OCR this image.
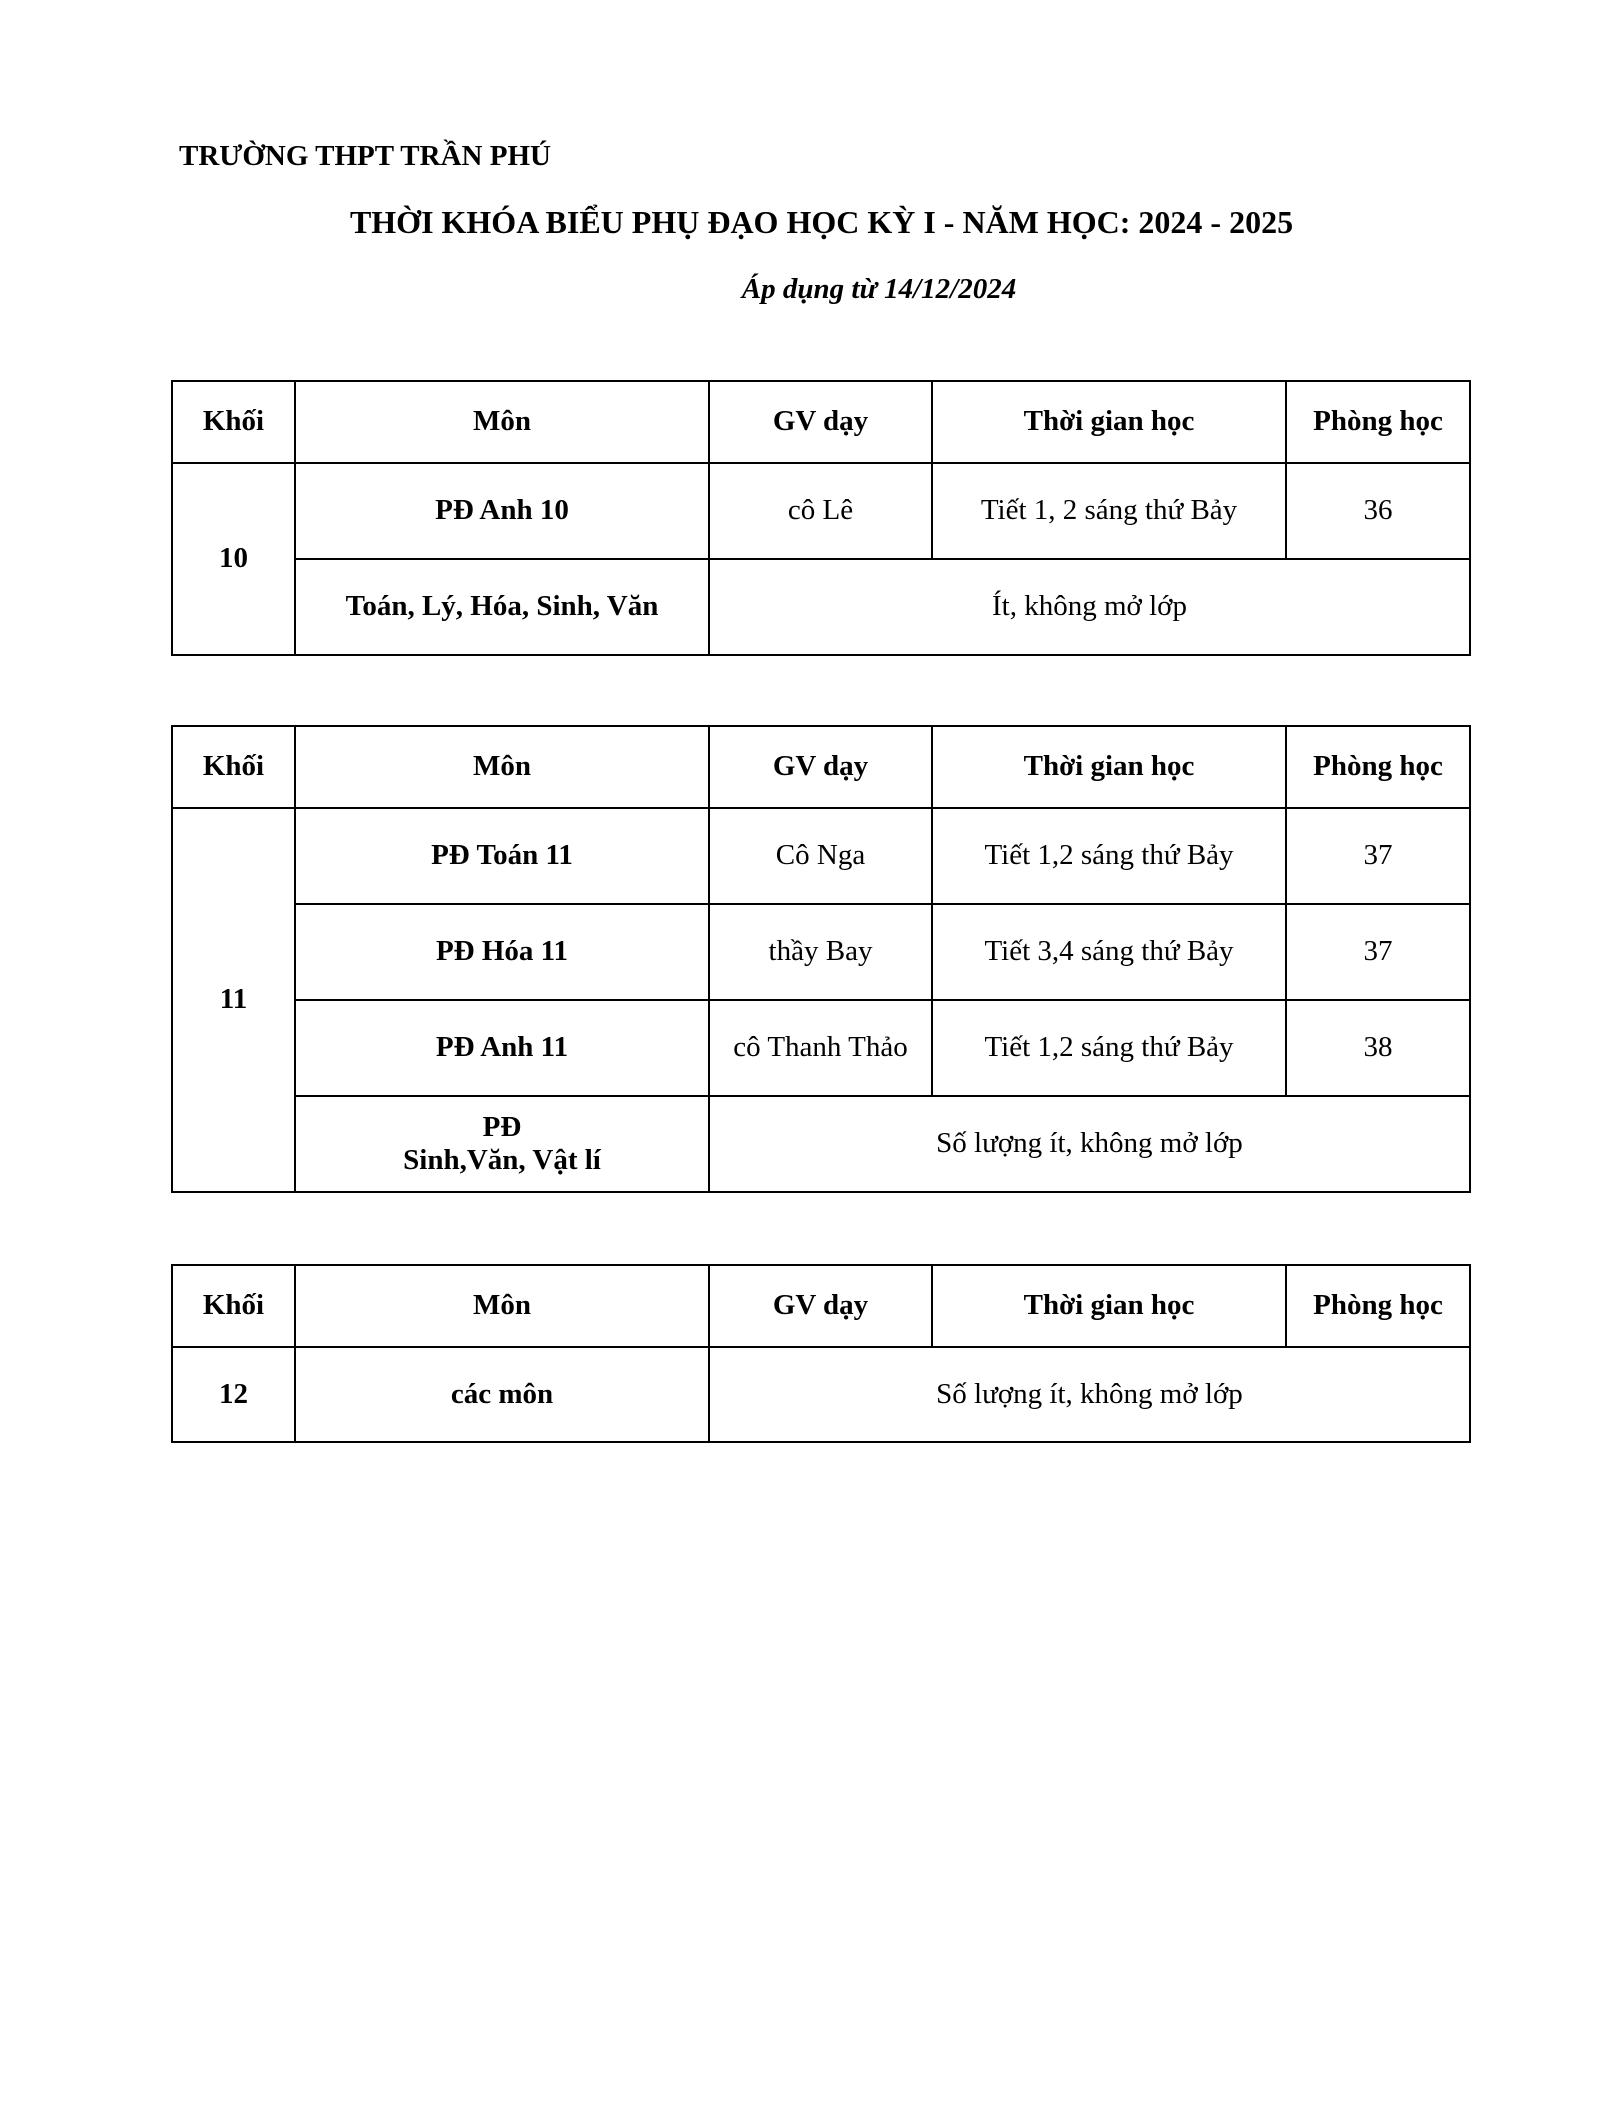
TRƯỜNG THPT TRẦN PHÚ
THỜI KHÓA BIỂU PHỤ ĐẠO HỌC KỲ I - NĂM HỌC: 2024 - 2025
Áp dụng từ 14/12/2024
Khối	Môn	GV dạy	Thời gian học	Phòng học
10	PĐ Anh 10	cô Lê	Tiết 1, 2 sáng thứ Bảy	36
	Toán, Lý, Hóa, Sinh, Văn	Ít, không mở lớp		
Khối	Môn	GV dạy	Thời gian học	Phòng học
11	PĐ Toán 11	Cô Nga	Tiết 1,2 sáng thứ Bảy	37
	PĐ Hóa 11	thầy Bay	Tiết 3,4 sáng thứ Bảy	37
	PĐ Anh 11	cô Thanh Thảo	Tiết 1,2 sáng thứ Bảy	38
	PĐ
Sinh,Văn, Vật lí	Số lượng ít, không mở lớp		
Khối	Môn	GV dạy	Thời gian học	Phòng học
12	các môn	Số lượng ít, không mở lớp		
